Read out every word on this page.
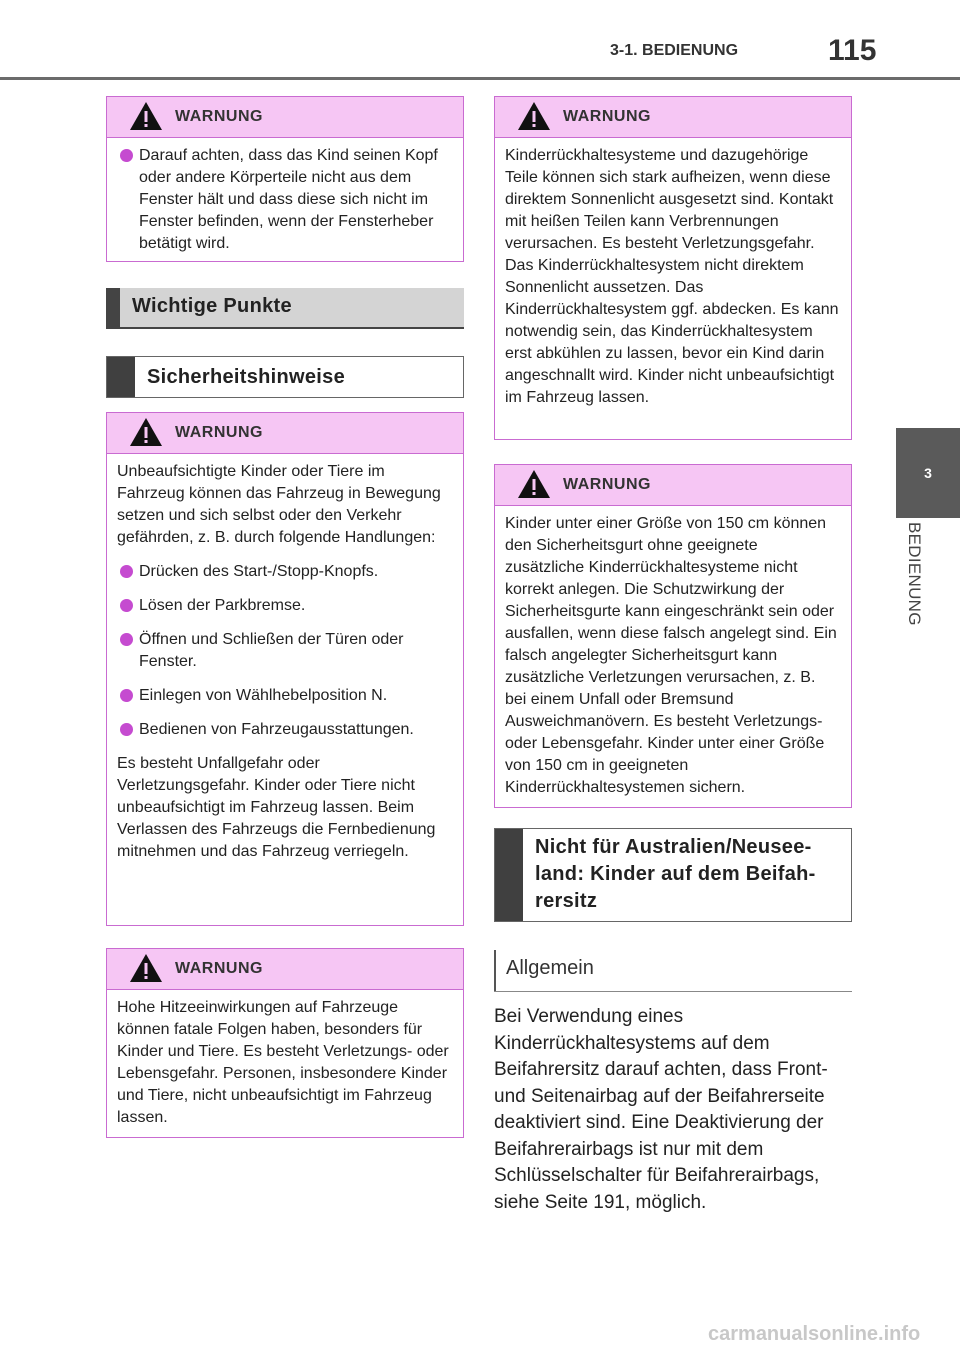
3-1. BEDIENUNG	115
3
BEDIENUNG
WARNUNG
Darauf achten, dass das Kind seinen Kopf oder andere Körperteile nicht aus dem Fenster hält und dass diese sich nicht im Fenster befinden, wenn der Fensterheber betätigt wird.
Wichtige Punkte
Sicherheitshinweise
WARNUNG

Unbeaufsichtigte Kinder oder Tiere im Fahrzeug können das Fahrzeug in Bewegung setzen und sich selbst oder den Verkehr gefährden, z. B. durch folgende Handlungen:

Drücken des Start-/Stopp-Knopfs.
Lösen der Parkbremse.
Öffnen und Schließen der Türen oder Fenster.
Einlegen von Wählhebelposition N.
Bedienen von Fahrzeugausstattungen.

Es besteht Unfallgefahr oder Verletzungsgefahr. Kinder oder Tiere nicht unbeaufsichtigt im Fahrzeug lassen. Beim Verlassen des Fahrzeugs die Fernbedienung mitnehmen und das Fahrzeug verriegeln.

WARNUNG

Hohe Hitzeeinwirkungen auf Fahrzeuge können fatale Folgen haben, besonders für Kinder und Tiere. Es besteht Verletzungs- oder Lebensgefahr. Personen, insbesondere Kinder und Tiere, nicht unbeaufsichtigt im Fahrzeug lassen.

WARNUNG

Kinderrückhaltesysteme und dazugehörige Teile können sich stark aufheizen, wenn diese direktem Sonnenlicht ausgesetzt sind. Kontakt mit heißen Teilen kann Verbrennungen verursachen. Es besteht Verletzungsgefahr. Das Kinderrückhaltesystem nicht direktem Sonnenlicht aussetzen. Das Kinderrückhaltesystem ggf. abdecken. Es kann notwendig sein, das Kinderrückhaltesystem erst abkühlen zu lassen, bevor ein Kind darin angeschnallt wird. Kinder nicht unbeaufsichtigt im Fahrzeug lassen.

WARNUNG

Kinder unter einer Größe von 150 cm können den Sicherheitsgurt ohne geeignete zusätzliche Kinderrückhaltesysteme nicht korrekt anlegen. Die Schutzwirkung der Sicherheitsgurte kann eingeschränkt sein oder ausfallen, wenn diese falsch angelegt sind. Ein falsch angelegter Sicherheitsgurt kann zusätzliche Verletzungen verursachen, z. B. bei einem Unfall oder Bremsund Ausweichmanövern. Es besteht Verletzungs- oder Lebensgefahr. Kinder unter einer Größe von 150 cm in geeigneten Kinderrückhaltesystemen sichern.

Nicht für Australien/Neusee-
land: Kinder auf dem Beifah-
rersitz
Allgemein
Bei Verwendung eines Kinderrückhaltesystems auf dem Beifahrersitz darauf achten, dass Front- und Seitenairbag auf der Beifahrerseite deaktiviert sind. Eine Deaktivierung der Beifahrerairbags ist nur mit dem Schlüsselschalter für Beifahrerairbags, siehe Seite 191, möglich.
carmanualsonline.info
